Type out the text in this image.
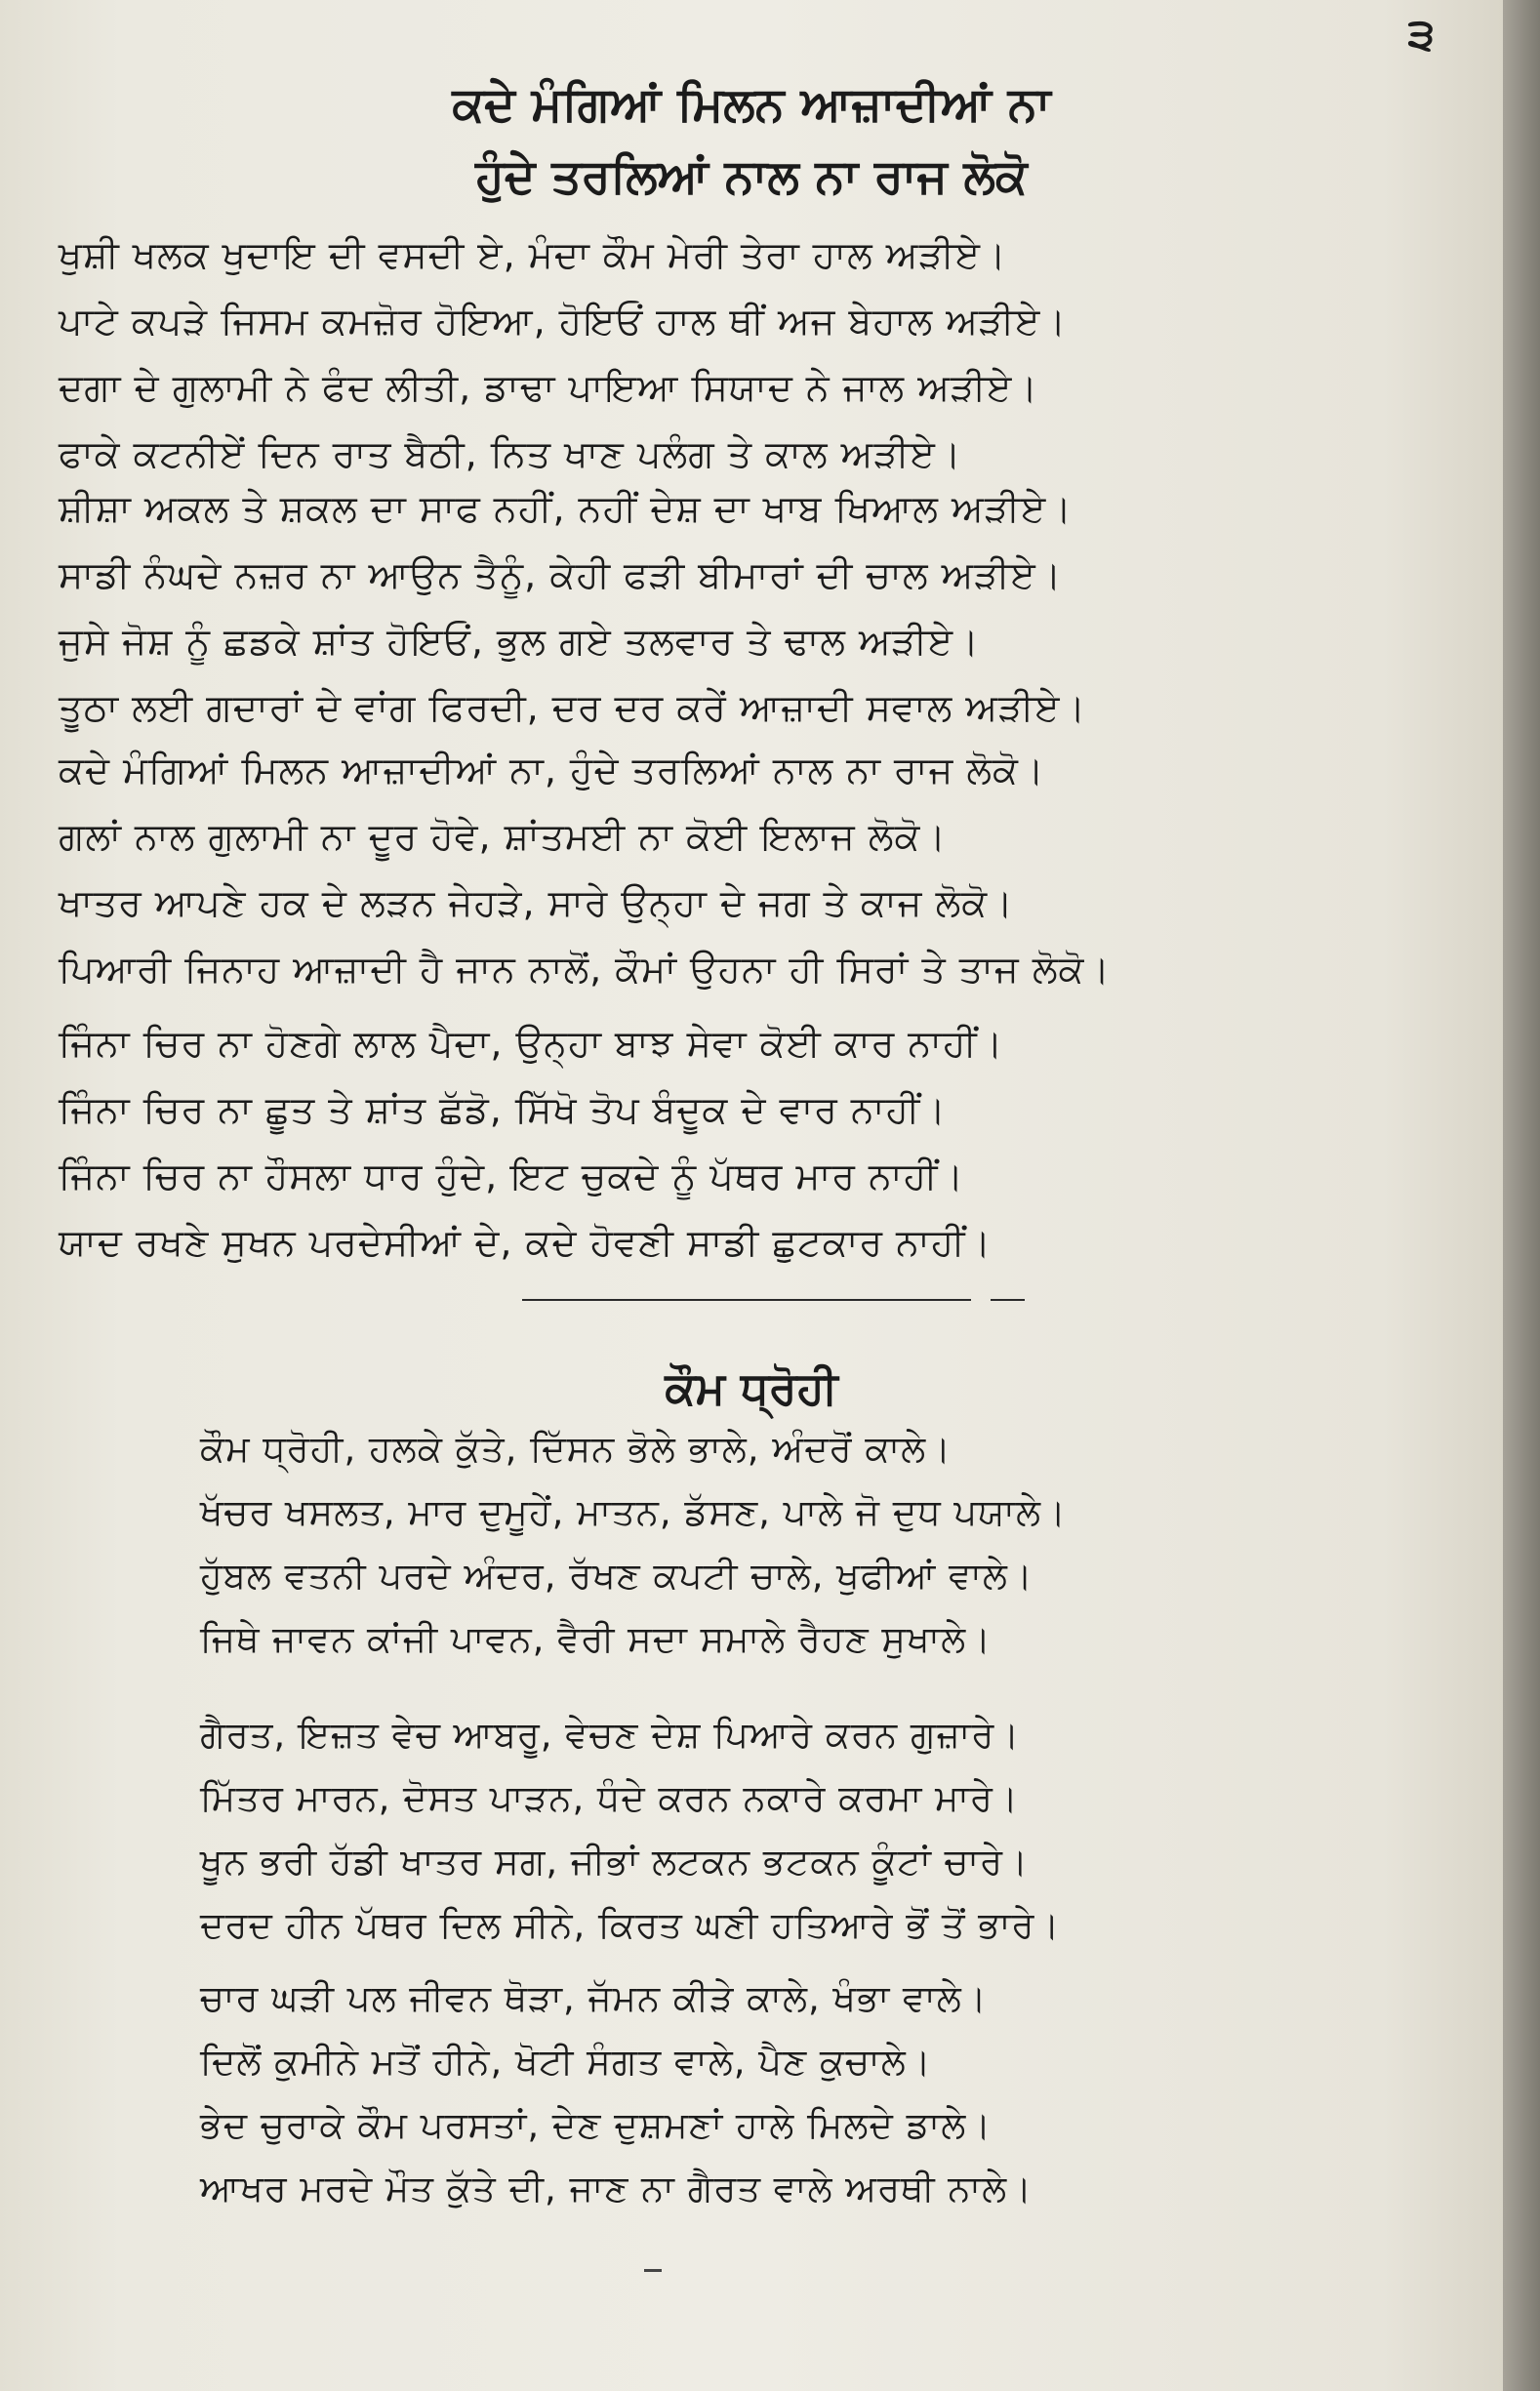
੩

ਕਦੇ ਮੰਗਿਆਂ ਮਿਲਨ ਆਜ਼ਾਦੀਆਂ ਨਾ

ਹੁੰਦੇ ਤਰਲਿਆਂ ਨਾਲ ਨਾ ਰਾਜ ਲੋਕੋ

ਖੁਸ਼ੀ ਖਲਕ ਖੁਦਾਇ ਦੀ ਵਸਦੀ ਏ, ਮੰਦਾ ਕੌਮ ਮੇਰੀ ਤੇਰਾ ਹਾਲ ਅੜੀਏ।
ਪਾਟੇ ਕਪੜੇ ਜਿਸਮ ਕਮਜ਼ੋਰ ਹੋਇਆ, ਹੋਇਓਂ ਹਾਲ ਥੀਂ ਅਜ ਬੇਹਾਲ ਅੜੀਏ।
ਦਗਾ ਦੇ ਗੁਲਾਮੀ ਨੇ ਫੰਦ ਲੀਤੀ, ਡਾਢਾ ਪਾਇਆ ਸਿਯਾਦ ਨੇ ਜਾਲ ਅੜੀਏ।
ਫਾਕੇ ਕਟਨੀਏਂ ਦਿਨ ਰਾਤ ਬੈਠੀ, ਨਿਤ ਖਾਣ ਪਲੰਗ ਤੇ ਕਾਲ ਅੜੀਏ।
ਸ਼ੀਸ਼ਾ ਅਕਲ ਤੇ ਸ਼ਕਲ ਦਾ ਸਾਫ ਨਹੀਂ, ਨਹੀਂ ਦੇਸ਼ ਦਾ ਖਾਬ ਖਿਆਲ ਅੜੀਏ।
ਸਾਡੀ ਨੰਘਦੇ ਨਜ਼ਰ ਨਾ ਆਉਨ ਤੈਨੂੰ, ਕੇਹੀ ਫੜੀ ਬੀਮਾਰਾਂ ਦੀ ਚਾਲ ਅੜੀਏ।
ਜੁਸੇ ਜੋਸ਼ ਨੂੰ ਛਡਕੇ ਸ਼ਾਂਤ ਹੋਇਓਂ, ਭੁਲ ਗਏ ਤਲਵਾਰ ਤੇ ਢਾਲ ਅੜੀਏ।
ਤੂਠਾ ਲਈ ਗਦਾਰਾਂ ਦੇ ਵਾਂਗ ਫਿਰਦੀ, ਦਰ ਦਰ ਕਰੇਂ ਆਜ਼ਾਦੀ ਸਵਾਲ ਅੜੀਏ।
ਕਦੇ ਮੰਗਿਆਂ ਮਿਲਨ ਆਜ਼ਾਦੀਆਂ ਨਾ, ਹੁੰਦੇ ਤਰਲਿਆਂ ਨਾਲ ਨਾ ਰਾਜ ਲੋਕੋ।
ਗਲਾਂ ਨਾਲ ਗੁਲਾਮੀ ਨਾ ਦੂਰ ਹੋਵੇ, ਸ਼ਾਂਤਮਈ ਨਾ ਕੋਈ ਇਲਾਜ ਲੋਕੋ।
ਖਾਤਰ ਆਪਣੇ ਹਕ ਦੇ ਲੜਨ ਜੇਹੜੇ, ਸਾਰੇ ਉਨ੍ਹਾ ਦੇ ਜਗ ਤੇ ਕਾਜ ਲੋਕੋ।
ਪਿਆਰੀ ਜਿਨਾਹ ਆਜ਼ਾਦੀ ਹੈ ਜਾਨ ਨਾਲੋਂ, ਕੌਮਾਂ ਉਹਨਾ ਹੀ ਸਿਰਾਂ ਤੇ ਤਾਜ ਲੋਕੋ।
ਜਿੰਨਾ ਚਿਰ ਨਾ ਹੋਣਗੇ ਲਾਲ ਪੈਦਾ, ਉਨ੍ਹਾ ਬਾਝ ਸੇਵਾ ਕੋਈ ਕਾਰ ਨਾਹੀਂ।
ਜਿੰਨਾ ਚਿਰ ਨਾ ਛੂਤ ਤੇ ਸ਼ਾਂਤ ਛੱਡੋ, ਸਿੱਖੋ ਤੋਪ ਬੰਦੂਕ ਦੇ ਵਾਰ ਨਾਹੀਂ।
ਜਿੰਨਾ ਚਿਰ ਨਾ ਹੌਸਲਾ ਧਾਰ ਹੁੰਦੇ, ਇਟ ਚੁਕਦੇ ਨੂੰ ਪੱਥਰ ਮਾਰ ਨਾਹੀਂ।
ਯਾਦ ਰਖਣੇ ਸੁਖਨ ਪਰਦੇਸੀਆਂ ਦੇ, ਕਦੇ ਹੋਵਣੀ ਸਾਡੀ ਛੁਟਕਾਰ ਨਾਹੀਂ।
ਕੌਮ ਧ੍ਰੋਹੀ
ਕੌਮ ਧ੍ਰੋਹੀ, ਹਲਕੇ ਕੁੱਤੇ, ਦਿੱਸਨ ਭੋਲੇ ਭਾਲੇ, ਅੰਦਰੋਂ ਕਾਲੇ।
ਖੱਚਰ ਖਸਲਤ, ਮਾਰ ਦੁਮੂਹੇਂ, ਮਾਤਨ, ਡੱਸਣ, ਪਾਲੇ ਜੋ ਦੁਧ ਪਯਾਲੇ।
ਹੁੱਬਲ ਵਤਨੀ ਪਰਦੇ ਅੰਦਰ, ਰੱਖਣ ਕਪਟੀ ਚਾਲੇ, ਖੁਫੀਆਂ ਵਾਲੇ।
ਜਿਥੇ ਜਾਵਨ ਕਾਂਜੀ ਪਾਵਨ, ਵੈਰੀ ਸਦਾ ਸਮਾਲੇ ਰੈਹਣ ਸੁਖਾਲੇ।
ਗੈਰਤ, ਇਜ਼ਤ ਵੇਚ ਆਬਰੂ, ਵੇਚਣ ਦੇਸ਼ ਪਿਆਰੇ ਕਰਨ ਗੁਜ਼ਾਰੇ।
ਮਿੱਤਰ ਮਾਰਨ, ਦੋਸਤ ਪਾੜਨ, ਧੰਦੇ ਕਰਨ ਨਕਾਰੇ ਕਰਮਾ ਮਾਰੇ।
ਖੂਨ ਭਰੀ ਹੱਡੀ ਖਾਤਰ ਸਗ, ਜੀਭਾਂ ਲਟਕਨ ਭਟਕਨ ਕੂੰਟਾਂ ਚਾਰੇ।
ਦਰਦ ਹੀਨ ਪੱਥਰ ਦਿਲ ਸੀਨੇ, ਕਿਰਤ ਘਣੀ ਹਤਿਆਰੇ ਭੋਂ ਤੋਂ ਭਾਰੇ।
ਚਾਰ ਘੜੀ ਪਲ ਜੀਵਨ ਥੋੜਾ, ਜੱਮਨ ਕੀੜੇ ਕਾਲੇ, ਖੰਭਾ ਵਾਲੇ।
ਦਿਲੋਂ ਕੁਮੀਨੇ ਮਤੋਂ ਹੀਨੇ, ਖੋਟੀ ਸੰਗਤ ਵਾਲੇ, ਪੈਣ ਕੁਚਾਲੇ।
ਭੇਦ ਚੁਰਾਕੇ ਕੌਮ ਪਰਸਤਾਂ, ਦੇਣ ਦੁਸ਼ਮਣਾਂ ਹਾਲੇ ਮਿਲਦੇ ਡਾਲੇ।
ਆਖਰ ਮਰਦੇ ਮੌਤ ਕੁੱਤੇ ਦੀ, ਜਾਣ ਨਾ ਗੈਰਤ ਵਾਲੇ ਅਰਥੀ ਨਾਲੇ।
